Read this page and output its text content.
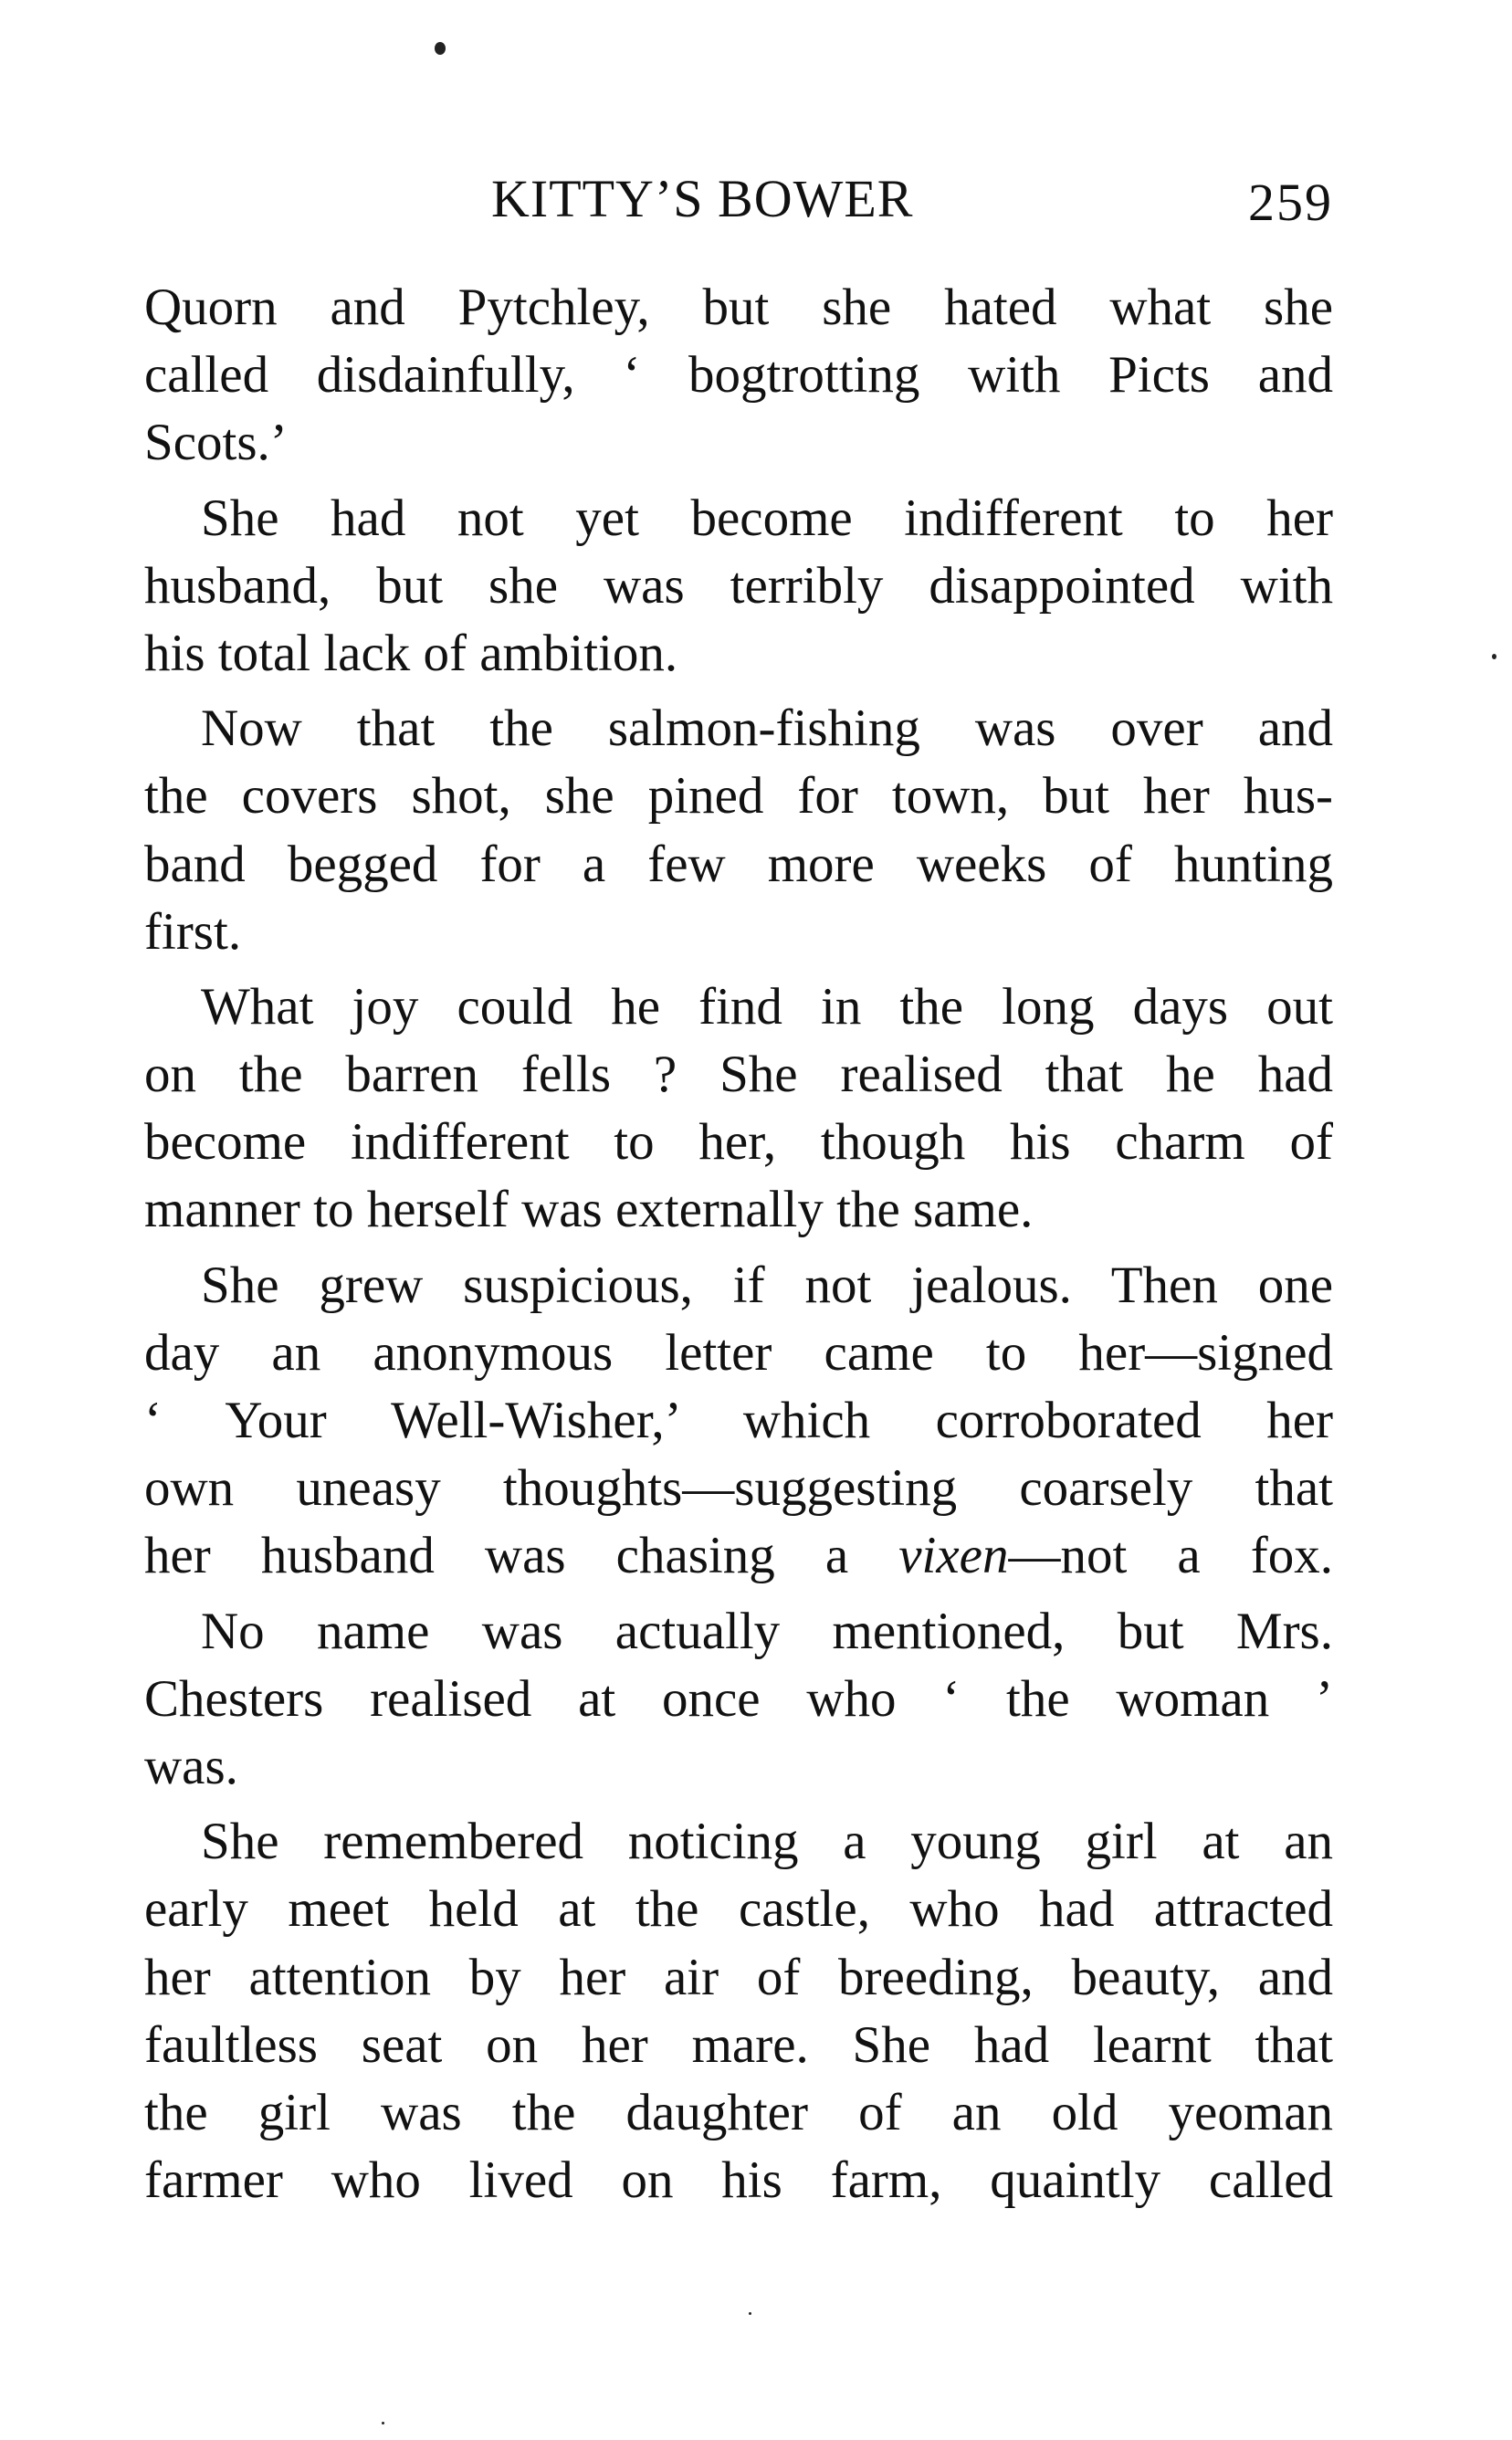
KITTY’S BOWER	259
Quorn and Pytchley, but she hated what she
called disdainfully, ‘ bogtrotting with Picts and
Scots.’
She had not yet become indifferent to her
husband, but she was terribly disappointed with
his total lack of ambition.
Now that the salmon-fishing was over and
the covers shot, she pined for town, but her hus-
band begged for a few more weeks of hunting
first.
What joy could he find in the long days out
on the barren fells ? She realised that he had
become indifferent to her, though his charm of
manner to herself was externally the same.
She grew suspicious, if not jealous. Then one
day an anonymous letter came to her—signed
‘ Your Well-Wisher,’ which corroborated her
own uneasy thoughts—suggesting coarsely that
her husband was chasing a vixen—not a fox.
No name was actually mentioned, but Mrs.
Chesters realised at once who ‘ the woman ’
was.
She remembered noticing a young girl at an
early meet held at the castle, who had attracted
her attention by her air of breeding, beauty, and
faultless seat on her mare. She had learnt that
the girl was the daughter of an old yeoman
farmer who lived on his farm, quaintly called
